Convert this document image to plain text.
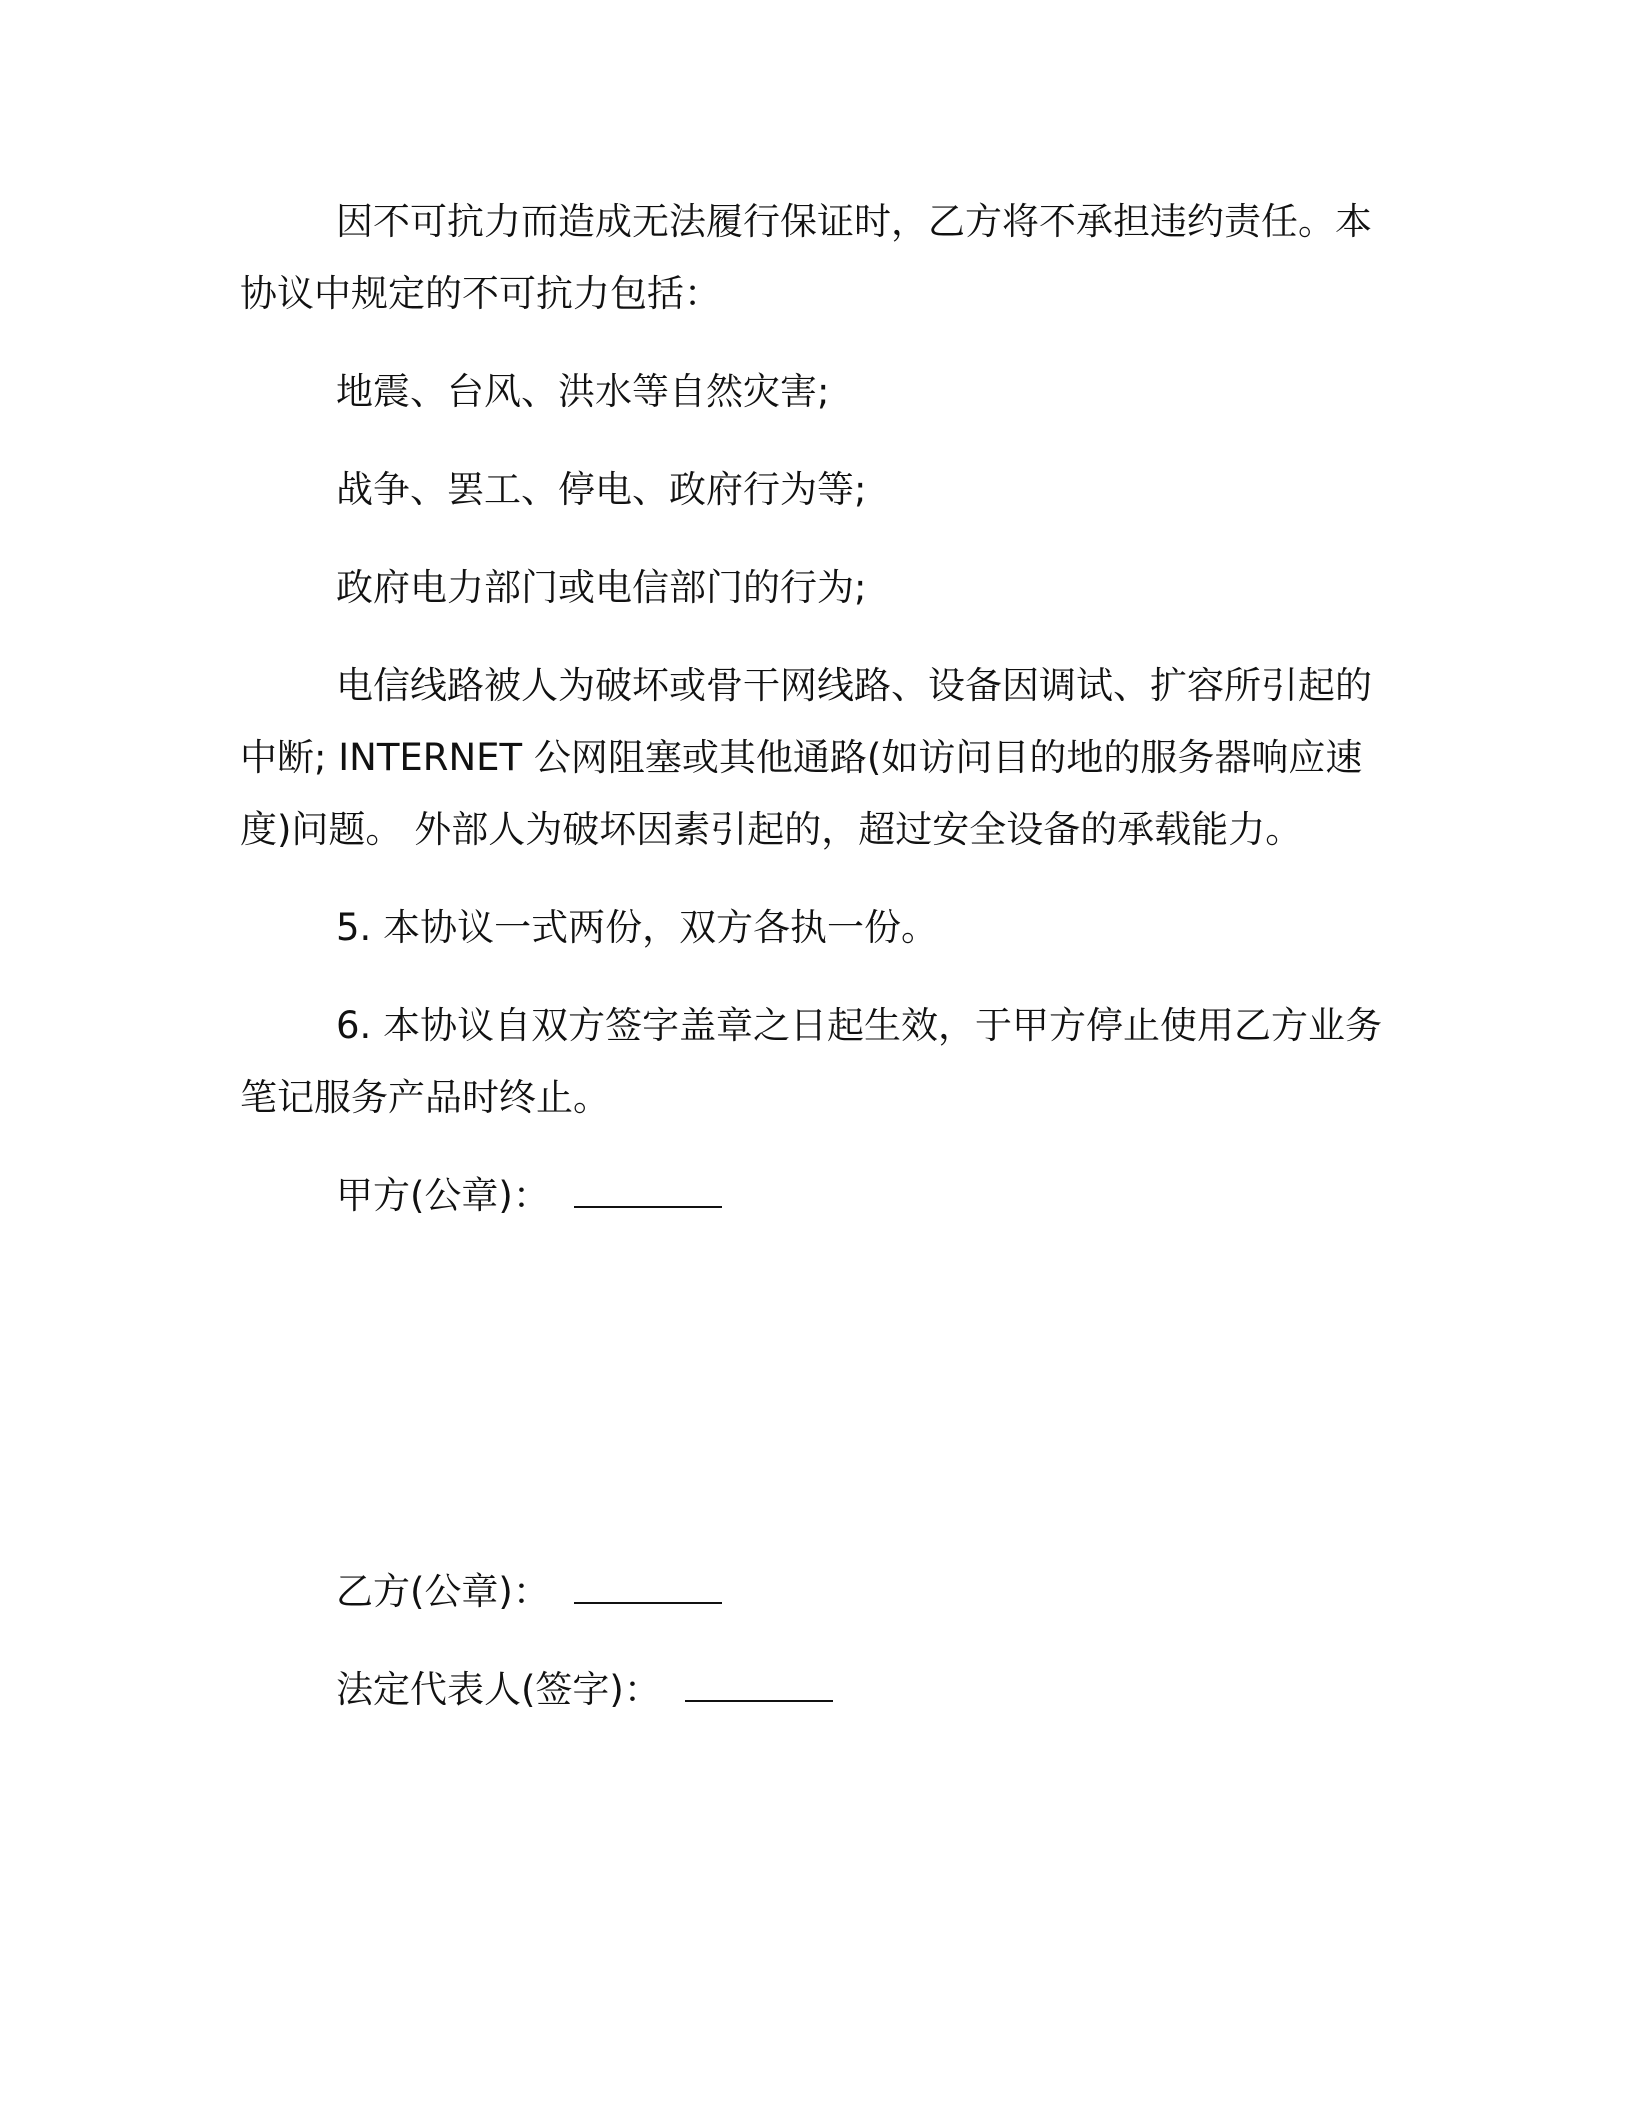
因不可抗力而造成无法履行保证时，乙方将不承担违约责任。本协议中规定的不可抗力包括：

地震、台风、洪水等自然灾害;

战争、罢工、停电、政府行为等;

政府电力部门或电信部门的行为;

电信线路被人为破坏或骨干网线路、设备因调试、扩容所引起的中断; INTERNET 公网阻塞或其他通路(如访问目的地的服务器响应速度)问题。 外部人为破坏因素引起的，超过安全设备的承载能力。

5. 本协议一式两份，双方各执一份。

6. 本协议自双方签字盖章之日起生效，于甲方停止使用乙方业务笔记服务产品时终止。

甲方(公章)：

乙方(公章)：

法定代表人(签字)：
